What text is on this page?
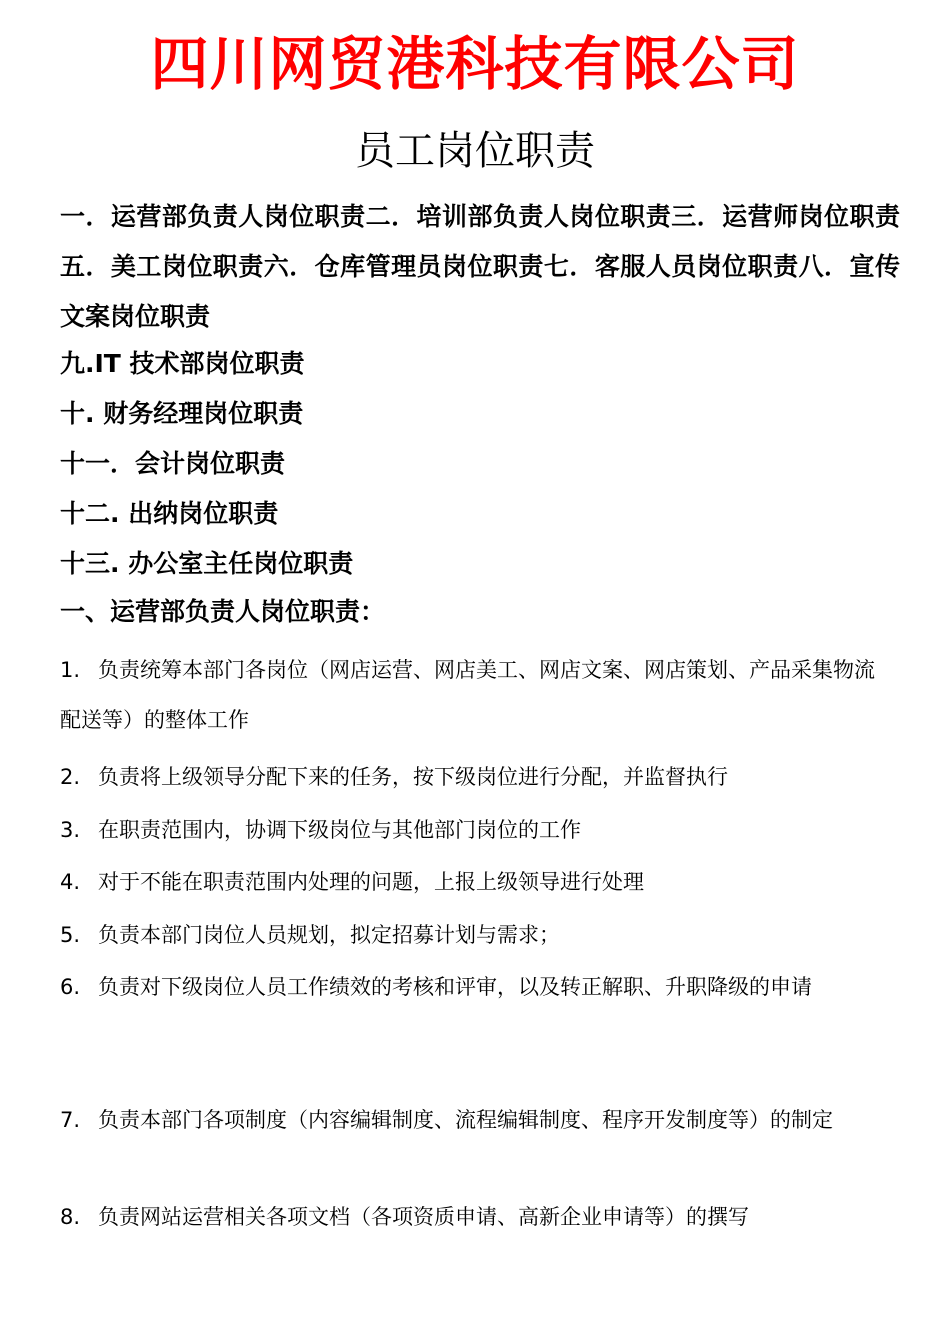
四川网贸港科技有限公司
员工岗位职责
一．运营部负责人岗位职责二．培训部负责人岗位职责三．运营师岗位职责五．美工岗位职责六．仓库管理员岗位职责七．客服人员岗位职责八．宣传文案岗位职责
九.IT 技术部岗位职责
十. 财务经理岗位职责
十一．会计岗位职责
十二. 出纳岗位职责
十三. 办公室主任岗位职责
一、运营部负责人岗位职责：
1. 负责统筹本部门各岗位（网店运营、网店美工、网店文案、网店策划、产品采集物流配送等）的整体工作
2. 负责将上级领导分配下来的任务，按下级岗位进行分配，并监督执行
3. 在职责范围内，协调下级岗位与其他部门岗位的工作
4. 对于不能在职责范围内处理的问题，上报上级领导进行处理
5. 负责本部门岗位人员规划，拟定招募计划与需求；
6. 负责对下级岗位人员工作绩效的考核和评审，以及转正解职、升职降级的申请
7. 负责本部门各项制度（内容编辑制度、流程编辑制度、程序开发制度等）的制定
8. 负责网站运营相关各项文档（各项资质申请、高新企业申请等）的撰写
